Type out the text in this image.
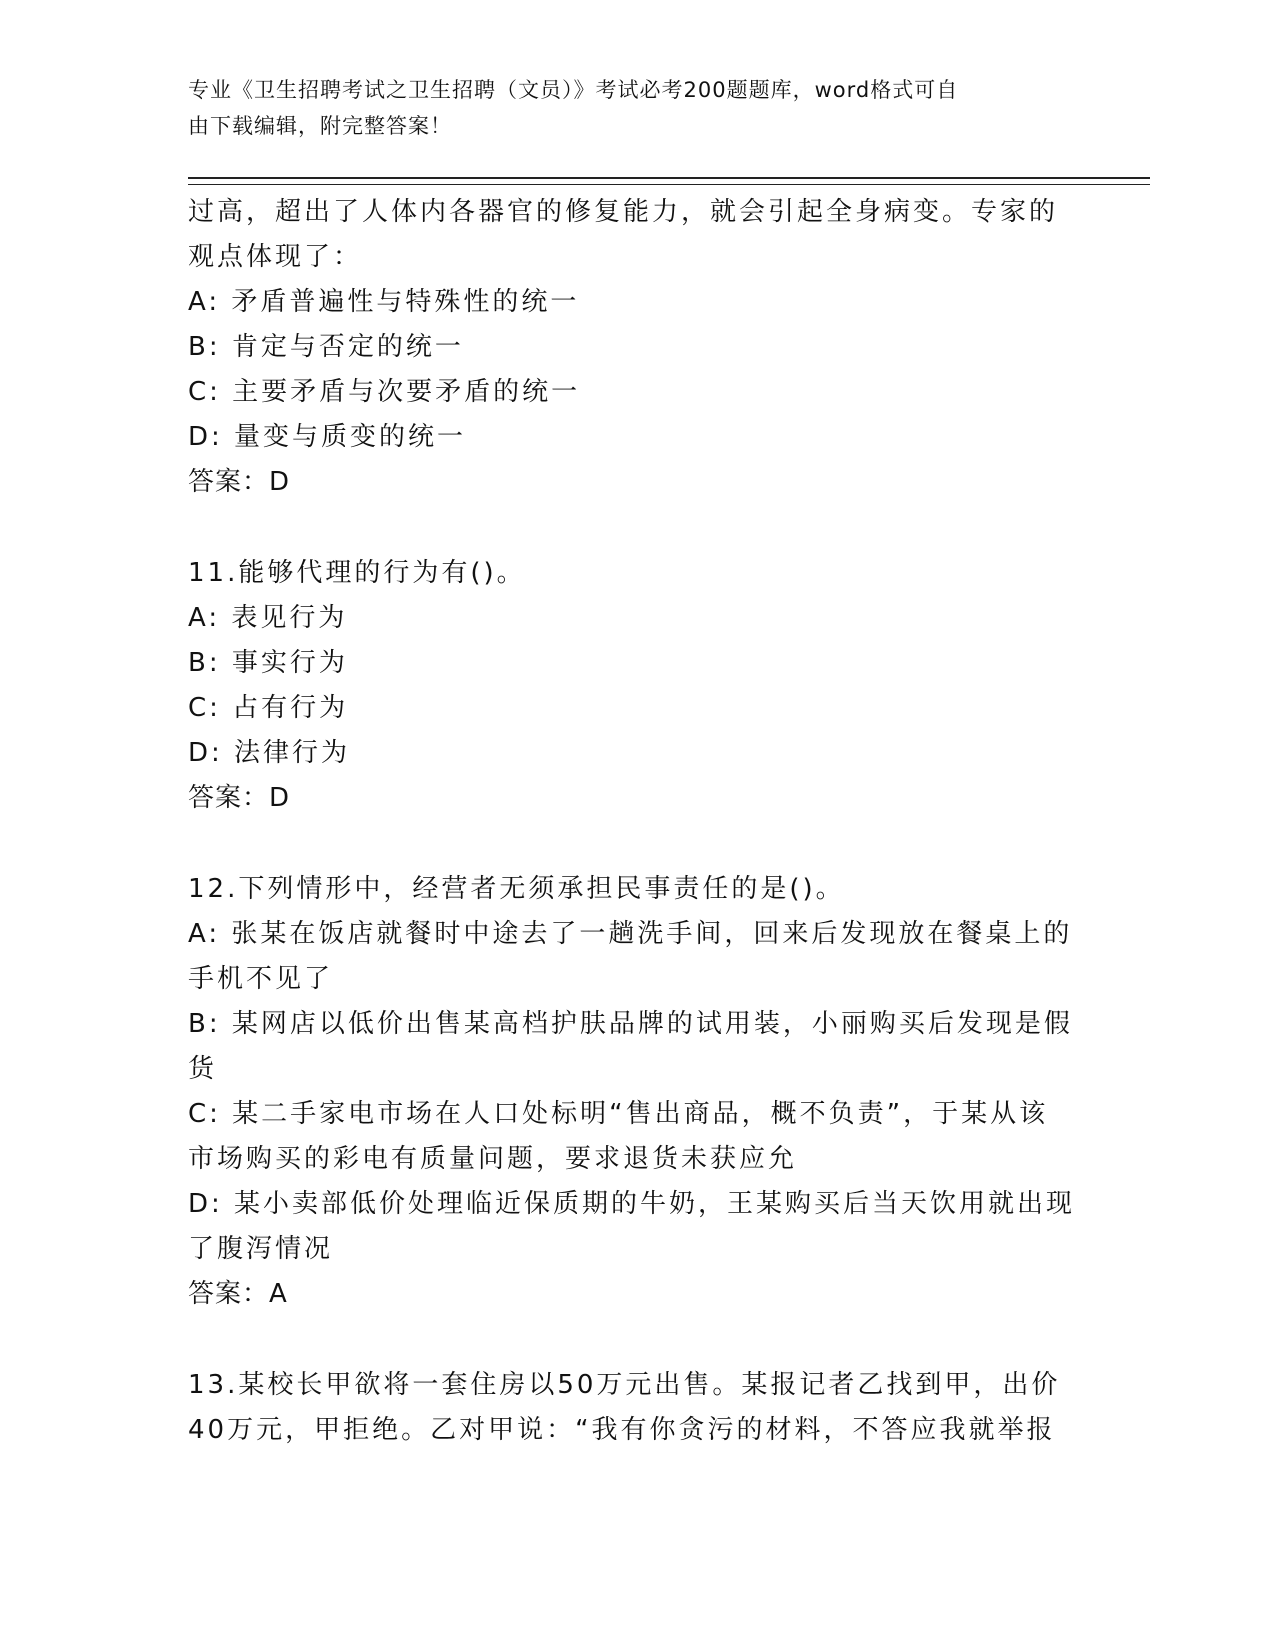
专业《卫生招聘考试之卫生招聘（文员）》考试必考200题题库，word格式可自
由下载编辑，附完整答案！
过高，超出了人体内各器官的修复能力，就会引起全身病变。专家的
观点体现了：
A: 矛盾普遍性与特殊性的统一
B: 肯定与否定的统一
C: 主要矛盾与次要矛盾的统一
D: 量变与质变的统一
答案：D
11.能够代理的行为有()。
A: 表见行为
B: 事实行为
C: 占有行为
D: 法律行为
答案：D
12.下列情形中，经营者无须承担民事责任的是()。
A: 张某在饭店就餐时中途去了一趟洗手间，回来后发现放在餐桌上的
手机不见了
B: 某网店以低价出售某高档护肤品牌的试用装，小丽购买后发现是假
货
C: 某二手家电市场在人口处标明“售出商品，概不负责”，于某从该
市场购买的彩电有质量问题，要求退货未获应允
D: 某小卖部低价处理临近保质期的牛奶，王某购买后当天饮用就出现
了腹泻情况
答案：A
13.某校长甲欲将一套住房以50万元出售。某报记者乙找到甲，出价
40万元，甲拒绝。乙对甲说：“我有你贪污的材料，不答应我就举报
